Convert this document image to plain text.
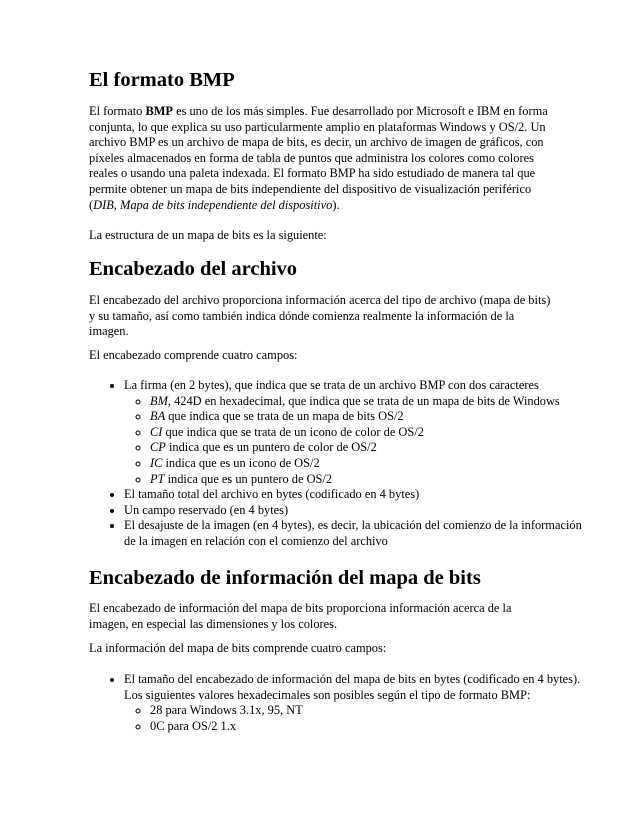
El formato BMP

El formato BMP es uno de los más simples. Fue desarrollado por Microsoft e IBM en forma conjunta, lo que explica su uso particularmente amplio en plataformas Windows y OS/2. Un archivo BMP es un archivo de mapa de bits, es decir, un archivo de imagen de gráficos, con píxeles almacenados en forma de tabla de puntos que administra los colores como colores reales o usando una paleta indexada. El formato BMP ha sido estudiado de manera tal que permite obtener un mapa de bits independiente del dispositivo de visualización periférico (DIB, Mapa de bits independiente del dispositivo).

La estructura de un mapa de bits es la siguiente:

Encabezado del archivo

El encabezado del archivo proporciona información acerca del tipo de archivo (mapa de bits) y su tamaño, así como también indica dónde comienza realmente la información de la imagen.

El encabezado comprende cuatro campos:

• La firma (en 2 bytes), que indica que se trata de un archivo BMP con dos caracteres
◦ BM, 424D en hexadecimal, que indica que se trata de un mapa de bits de Windows
◦ BA que indica que se trata de un mapa de bits OS/2
◦ CI que indica que se trata de un icono de color de OS/2
◦ CP indica que es un puntero de color de OS/2
◦ IC indica que es un icono de OS/2
◦ PT indica que es un puntero de OS/2
• El tamaño total del archivo en bytes (codificado en 4 bytes)
• Un campo reservado (en 4 bytes)
• El desajuste de la imagen (en 4 bytes), es decir, la ubicación del comienzo de la información de la imagen en relación con el comienzo del archivo
Encabezado de información del mapa de bits

El encabezado de información del mapa de bits proporciona información acerca de la imagen, en especial las dimensiones y los colores.

La información del mapa de bits comprende cuatro campos:

• El tamaño del encabezado de información del mapa de bits en bytes (codificado en 4 bytes). Los siguientes valores hexadecimales son posibles según el tipo de formato BMP:
◦ 28 para Windows 3.1x, 95, NT
◦ 0C para OS/2 1.x
